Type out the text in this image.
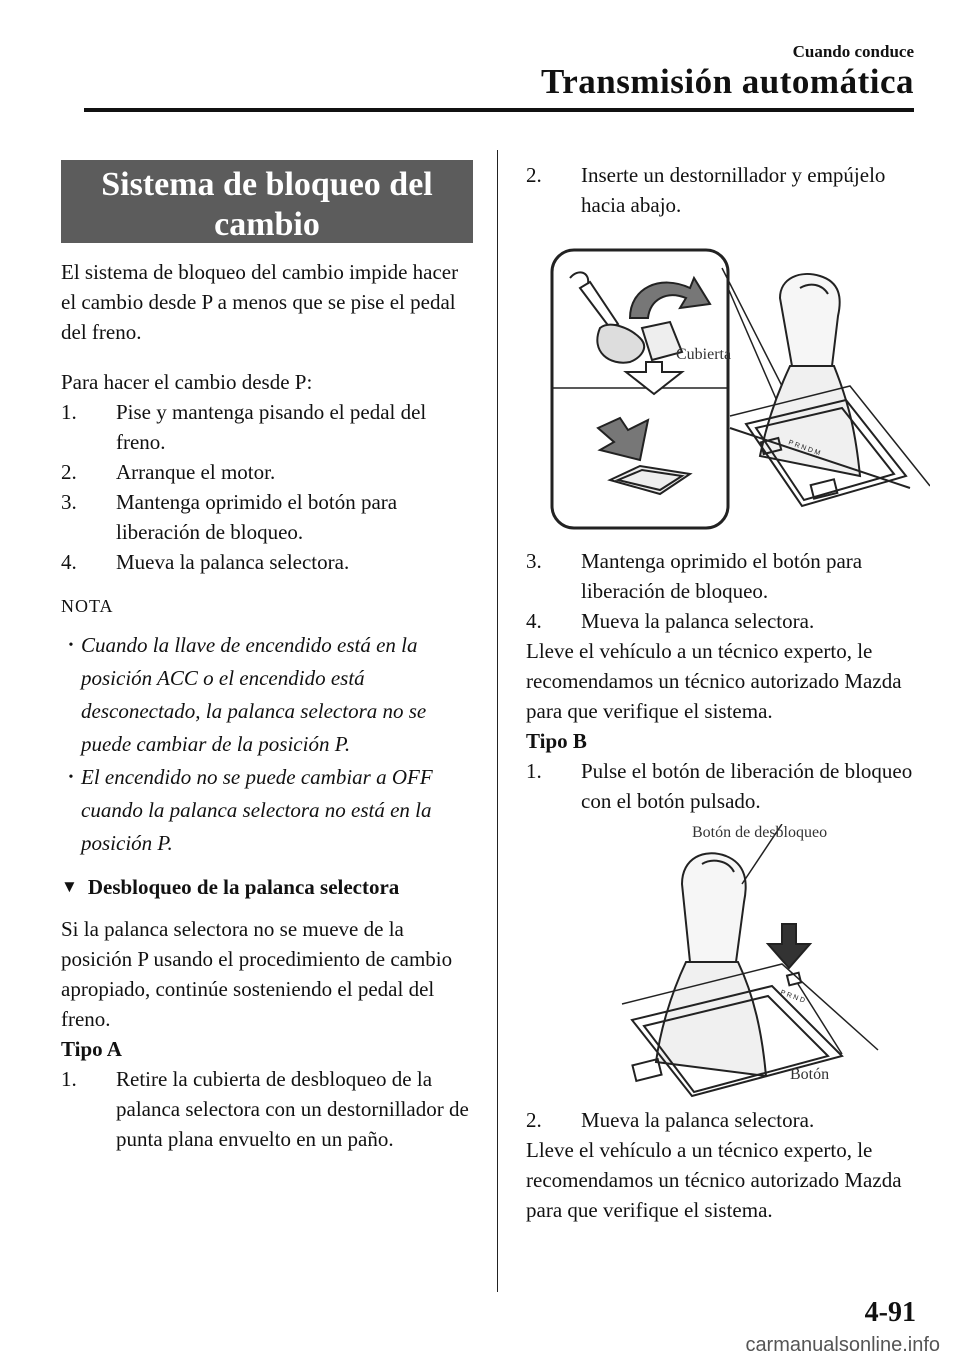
Cuando conduce
Transmisión automática
Sistema de bloqueo del cambio

El sistema de bloqueo del cambio impide hacer el cambio desde P a menos que se pise el pedal del freno.

Para hacer el cambio desde P:

1.	Pise y mantenga pisando el pedal del freno.
2.	Arranque el motor.
3.	Mantenga oprimido el botón para liberación de bloqueo.
4.	Mueva la palanca selectora.
NOTA
• Cuando la llave de encendido está en la posición ACC o el encendido está desconectado, la palanca selectora no se puede cambiar de la posición P.
• El encendido no se puede cambiar a OFF cuando la palanca selectora no está en la posición P.
▼ Desbloqueo de la palanca selectora

Si la palanca selectora no se mueve de la posición P usando el procedimiento de cambio apropiado, continúe sosteniendo el pedal del freno.

Tipo A

1.	Retire la cubierta de desbloqueo de la palanca selectora con un destornillador de punta plana envuelto en un paño.
2.	Inserte un destornillador y empújelo hacia abajo.
P R N D M
Cubierta
3.	Mantenga oprimido el botón para liberación de bloqueo.
4.	Mueva la palanca selectora.

Lleve el vehículo a un técnico experto, le recomendamos un técnico autorizado Mazda para que verifique el sistema.

Tipo B

1.	Pulse el botón de liberación de bloqueo con el botón pulsado.
P R N D
Botón de desbloqueo
Botón
2.	Mueva la palanca selectora.

Lleve el vehículo a un técnico experto, le recomendamos un técnico autorizado Mazda para que verifique el sistema.

4-91
carmanualsonline.info
